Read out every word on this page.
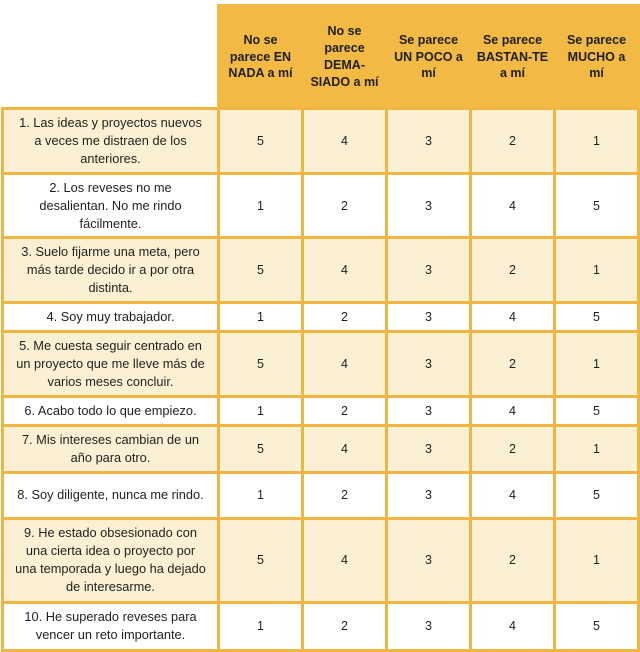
	No se parece EN NADA a mí	No se parece DEMA-SIADO a mí	Se parece UN POCO a mí	Se parece BASTAN-TE a mí	Se parece MUCHO a mí
1. Las ideas y proyectos nuevos a veces me distraen de los anteriores.	5	4	3	2	1
2. Los reveses no me desalientan. No me rindo fácilmente.	1	2	3	4	5
3. Suelo fijarme una meta, pero más tarde decido ir a por otra distinta.	5	4	3	2	1
4. Soy muy trabajador.	1	2	3	4	5
5. Me cuesta seguir centrado en un proyecto que me lleve más de varios meses concluir.	5	4	3	2	1
6. Acabo todo lo que empiezo.	1	2	3	4	5
7. Mis intereses cambian de un año para otro.	5	4	3	2	1
8. Soy diligente, nunca me rindo.	1	2	3	4	5
9. He estado obsesionado con una cierta idea o proyecto por una temporada y luego ha dejado de interesarme.	5	4	3	2	1
10. He superado reveses para vencer un reto importante.	1	2	3	4	5
